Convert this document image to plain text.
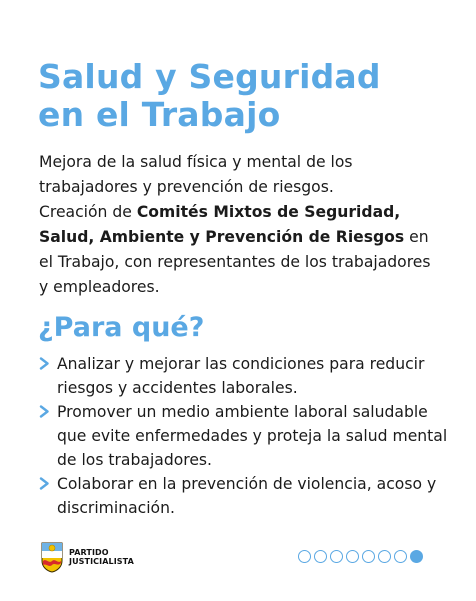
Salud y Seguridad
en el Trabajo

Mejora de la salud física y mental de los trabajadores y prevención de riesgos.
Creación de Comités Mixtos de Seguridad, Salud, Ambiente y Prevención de Riesgos en el Trabajo, con representantes de los trabajadores y empleadores.

¿Para qué?
Analizar y mejorar las condiciones para reducir riesgos y accidentes laborales.
Promover un medio ambiente laboral saludable que evite enfermedades y proteja la salud mental de los trabajadores.
Colaborar en la prevención de violencia, acoso y discriminación.
PARTIDO
JUSTICIALISTA
